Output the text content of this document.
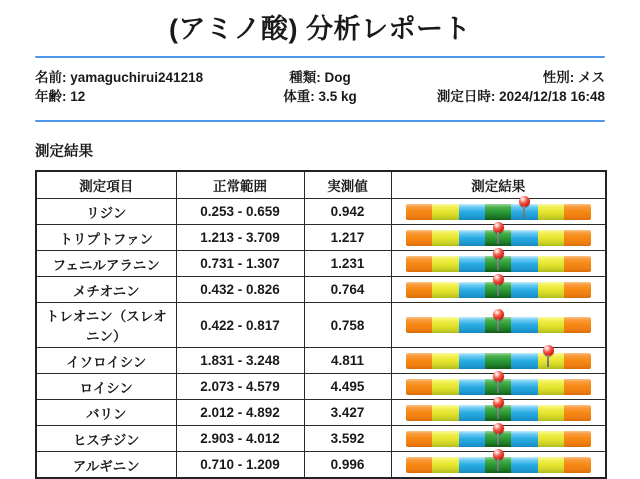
(アミノ酸) 分析レポート
名前: yamaguchirui241218
年齢: 12
種類: Dog
体重: 3.5 kg
性別: メス
測定日時: 2024/12/18 16:48
測定結果
測定項目	正常範囲	実測値	測定結果
リジン	0.253 - 0.659	0.942	

トリプトファン	1.213 - 3.709	1.217	

フェニルアラニン	0.731 - 1.307	1.231	

メチオニン	0.432 - 0.826	0.764	

トレオニン（スレオニン）	0.422 - 0.817	0.758	

イソロイシン	1.831 - 3.248	4.811	

ロイシン	2.073 - 4.579	4.495	

バリン	2.012 - 4.892	3.427	

ヒスチジン	2.903 - 4.012	3.592	

アルギニン	0.710 - 1.209	0.996	
